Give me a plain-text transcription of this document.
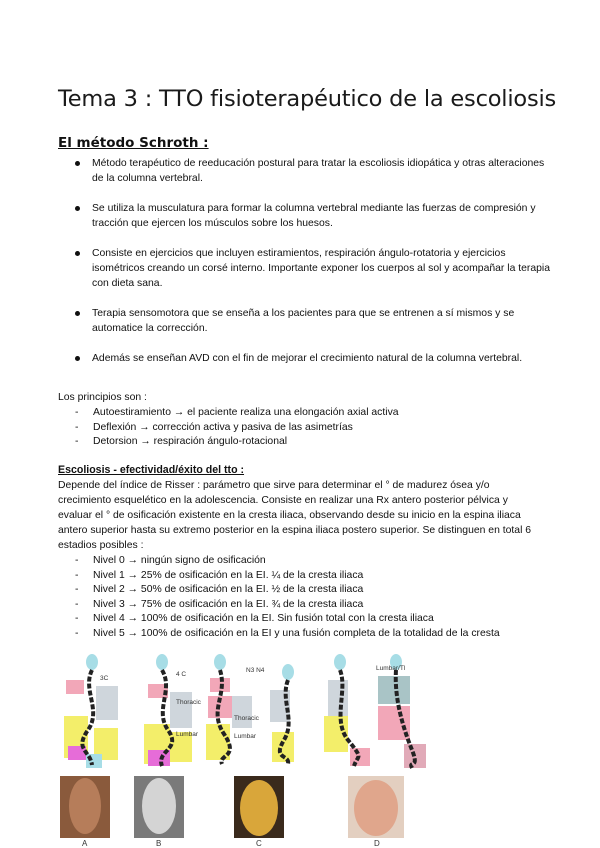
Tema 3 : TTO fisioterapéutico de la escoliosis
El método Schroth :
Método terapéutico de reeducación postural para tratar la escoliosis idiopática y otras alteraciones de la columna vertebral.
Se utiliza la musculatura para formar la columna vertebral mediante las fuerzas de compresión y tracción que ejercen los músculos sobre los huesos.
Consiste en ejercicios que incluyen estiramientos, respiración ángulo-rotatoria y ejercicios isométricos creando un corsé interno. Importante exponer los cuerpos al sol y acompañar la terapia con dieta sana.
Terapia sensomotora que se enseña a los pacientes para que se entrenen a sí mismos y se automatice la corrección.
Además se enseñan AVD con el fin de mejorar el crecimiento natural de la columna vertebral.

Los principios son :

- Autoestiramiento → el paciente realiza una elongación axial activa
- Deflexión → corrección activa y pasiva de las asimetrías
- Detorsion → respiración ángulo-rotacional
Escoliosis - efectividad/éxito del tto :

Depende del índice de Risser : parámetro que sirve para determinar el ° de madurez ósea y/o crecimiento esquelético en la adolescencia. Consiste en realizar una Rx antero posterior pélvica y evaluar el ° de osificación existente en la cresta iliaca, observando desde su inicio en la espina iliaca antero superior hasta su extremo posterior en la espina iliaca postero superior. Se distinguen en total 6 estadios posibles :

- Nivel 0 → ningún signo de osificación
- Nivel 1 → 25% de osificación en la EI. ¼ de la cresta iliaca
- Nivel 2 → 50% de osificación en la EI. ½ de la cresta iliaca
- Nivel 3 → 75% de osificación en la EI. ¾ de la cresta iliaca
- Nivel 4 → 100% de osificación en la EI. Sin fusión total con la cresta iliaca
- Nivel 5 → 100% de osificación en la EI y una fusión completa de la totalidad de la cresta
3C
4 C
Thoracic
Lumbar
N3 N4
Thoracic
Lumbar
Lumbar/Tl
A	B	C	D
